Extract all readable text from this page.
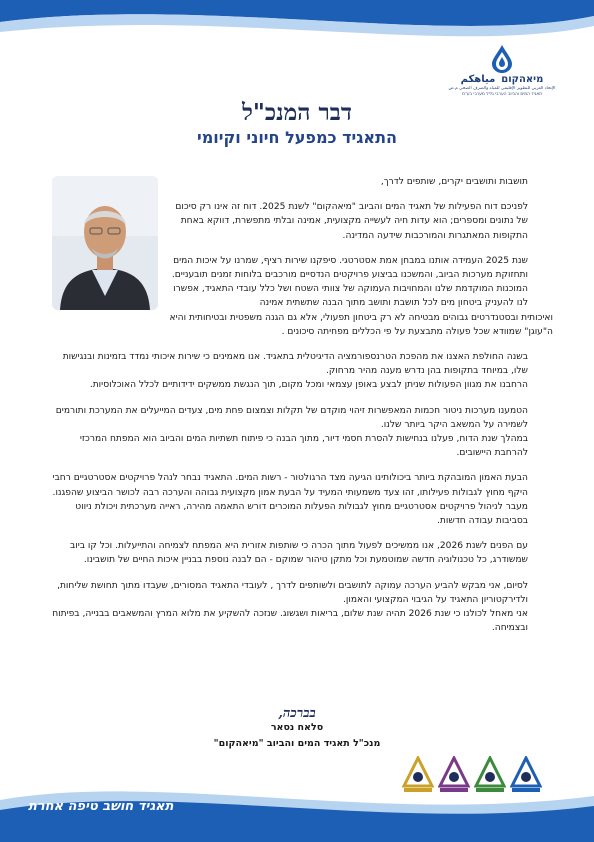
מיאהקום
مياهكم
الإتحاد العربي للتطوير الإقليمي للمياه والصرف الصحي م.ض
תאגיד המים והביוב הערבי גליל מערבי בע"מ
דבר המנכ"ל
התאגיד כמפעל חיוני וקיומי

תושבות ותושבים יקרים, שותפים לדרך,

לפניכם דוח הפעילות של תאגיד המים והביוב "מיאהקום" לשנת 2025. דוח זה אינו רק סיכום של נתונים ומספרים; הוא עדות חיה לעשייה מקצועית, אמינה ובלתי מתפשרת, דווקא באחת התקופות המאתגרות והמורכבות שידעה המדינה.

שנת 2025 העמידה אותנו במבחן אמת אסטרטגי. סיפקנו שירות רציף, שמרנו על איכות המים ותחזוקת מערכות הביוב, והמשכנו בביצוע פרויקטים הנדסיים מורכבים בלוחות זמנים תובעניים. המוכנות המוקדמת שלנו והמחויבות העמוקה של צוותי השטח ושל כלל עובדי התאגיד, אפשרו לנו להעניק ביטחון מים לכל תושבת ותושב מתוך הבנה שתשתית אמינה

ואיכותית ובסטנדרטים גבוהים מבטיחה לא רק ביטחון תפעולי, אלא גם הגנה משפטית ובטיחותית והיא ה"עוגן" שמוודא שכל פעולה מתבצעת על פי הכללים מפחיתה סיכונים .

בשנה החולפת האצנו את מהפכת הטרנספורמציה הדיגיטלית בתאגיד. אנו מאמינים כי שירות איכותי נמדד בזמינות ובנגישות שלו, במיוחד בתקופות בהן נדרש מענה מהיר מרחוק.

הרחבנו את מגוון הפעולות שניתן לבצע באופן עצמאי ומכל מקום, תוך הנגשת ממשקים ידידותיים לכלל האוכלוסיות.

הטמענו מערכות ניטור חכמות המאפשרות זיהוי מוקדם של תקלות וצמצום פחת מים, צעדים המייעלים את המערכת ותורמים לשמירה על המשאב היקר ביותר שלנו.

במהלך שנת הדוח, פעלנו בנחישות להסרת חסמי דיור, מתוך הבנה כי פיתוח תשתיות המים והביוב הוא המפתח המרכזי להרחבת היישובים.

הבעת האמון המובהקת ביותר ביכולותינו הגיעה מצד הרגולטור - רשות המים. התאגיד נבחר לנהל פרויקטים אסטרטגיים רחבי היקף מחוץ לגבולות פעילותו, זהו צעד משמעותי המעיד על הבעת אמון מקצועית גבוהה והערכה רבה לכושר הביצוע שהפגנו. מעבר לניהול פרויקטים אסטרטגיים מחוץ לגבולות הפעלות המוכרים דורש התאמה מהירה, ראייה מערכתית ויכולת ניווט בסביבות עבודה חדשות.

עם הפנים לשנת 2026, אנו ממשיכים לפעול מתוך הכרה כי שותפות אזורית היא המפתח לצמיחה והתייעלות. וכל קו ביוב שמשודרג, כל טכנולוגיה חדשה שמוטמעת וכל מתקן טיהור שמוקם - הם לבנה נוספת בבניין איכות החיים של תושבינו.

לסיום, אני מבקש להביע הערכה עמוקה לתושבים ולשותפים לדרך , לעובדי התאגיד המסורים, שעבדו מתוך תחושת שליחות, ולדירקטוריון התאגיד על הגיבוי המקצועי והאמון.

אני מאחל לכולנו כי שנת 2026 תהיה שנת שלום, בריאות ושגשוג. שנזכה להשקיע את מלוא המרץ והמשאבים בבנייה, בפיתוח ובצמיחה.

בברכה,
סלאח נסאר
מנכ"ל תאגיד המים והביוב "מיאהקום"
תאגיד חושב טיפה אחרת
